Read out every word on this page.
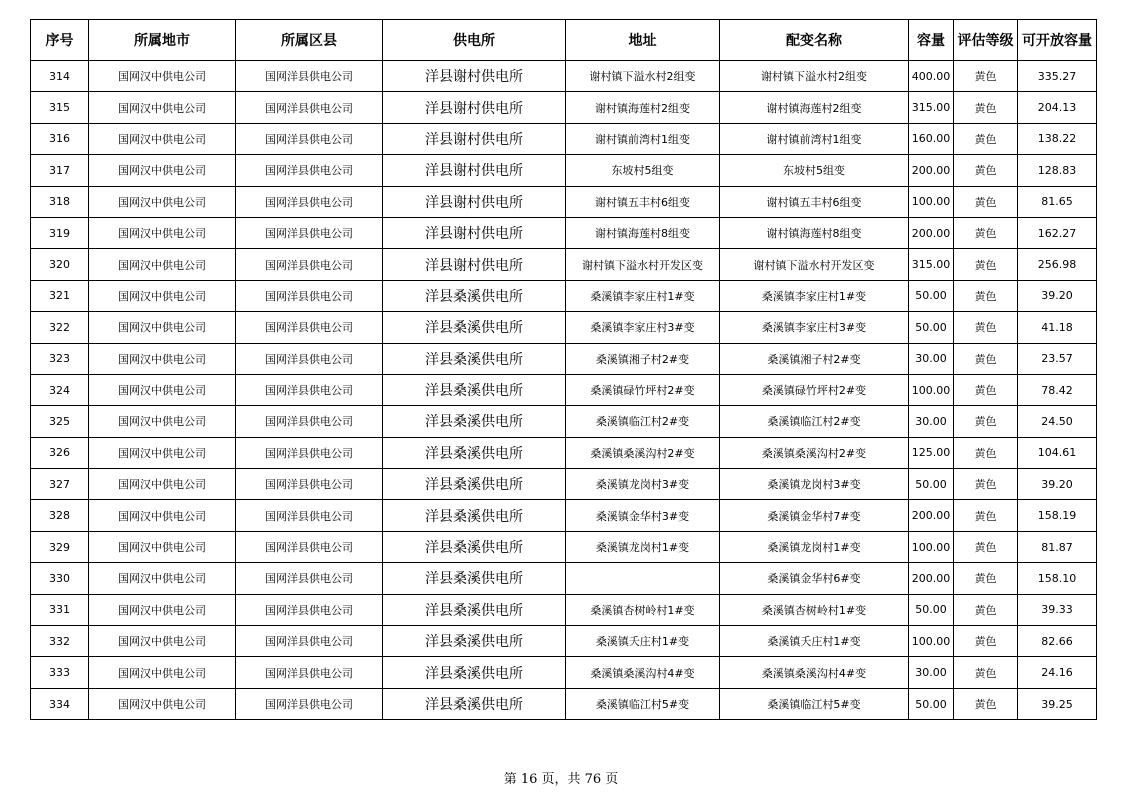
序号	所属地市	所属区县	供电所	地址	配变名称	容量	评估等级	可开放容量
314	国网汉中供电公司	国网洋县供电公司	洋县谢村供电所	谢村镇下溢水村2组变	谢村镇下溢水村2组变	400.00	黄色	335.27
315	国网汉中供电公司	国网洋县供电公司	洋县谢村供电所	谢村镇海莲村2组变	谢村镇海莲村2组变	315.00	黄色	204.13
316	国网汉中供电公司	国网洋县供电公司	洋县谢村供电所	谢村镇前湾村1组变	谢村镇前湾村1组变	160.00	黄色	138.22
317	国网汉中供电公司	国网洋县供电公司	洋县谢村供电所	东坡村5组变	东坡村5组变	200.00	黄色	128.83
318	国网汉中供电公司	国网洋县供电公司	洋县谢村供电所	谢村镇五丰村6组变	谢村镇五丰村6组变	100.00	黄色	81.65
319	国网汉中供电公司	国网洋县供电公司	洋县谢村供电所	谢村镇海莲村8组变	谢村镇海莲村8组变	200.00	黄色	162.27
320	国网汉中供电公司	国网洋县供电公司	洋县谢村供电所	谢村镇下溢水村开发区变	谢村镇下溢水村开发区变	315.00	黄色	256.98
321	国网汉中供电公司	国网洋县供电公司	洋县桑溪供电所	桑溪镇李家庄村1#变	桑溪镇李家庄村1#变	50.00	黄色	39.20
322	国网汉中供电公司	国网洋县供电公司	洋县桑溪供电所	桑溪镇李家庄村3#变	桑溪镇李家庄村3#变	50.00	黄色	41.18
323	国网汉中供电公司	国网洋县供电公司	洋县桑溪供电所	桑溪镇湘子村2#变	桑溪镇湘子村2#变	30.00	黄色	23.57
324	国网汉中供电公司	国网洋县供电公司	洋县桑溪供电所	桑溪镇碌竹坪村2#变	桑溪镇碌竹坪村2#变	100.00	黄色	78.42
325	国网汉中供电公司	国网洋县供电公司	洋县桑溪供电所	桑溪镇临江村2#变	桑溪镇临江村2#变	30.00	黄色	24.50
326	国网汉中供电公司	国网洋县供电公司	洋县桑溪供电所	桑溪镇桑溪沟村2#变	桑溪镇桑溪沟村2#变	125.00	黄色	104.61
327	国网汉中供电公司	国网洋县供电公司	洋县桑溪供电所	桑溪镇龙岗村3#变	桑溪镇龙岗村3#变	50.00	黄色	39.20
328	国网汉中供电公司	国网洋县供电公司	洋县桑溪供电所	桑溪镇金华村3#变	桑溪镇金华村7#变	200.00	黄色	158.19
329	国网汉中供电公司	国网洋县供电公司	洋县桑溪供电所	桑溪镇龙岗村1#变	桑溪镇龙岗村1#变	100.00	黄色	81.87
330	国网汉中供电公司	国网洋县供电公司	洋县桑溪供电所		桑溪镇金华村6#变	200.00	黄色	158.10
331	国网汉中供电公司	国网洋县供电公司	洋县桑溪供电所	桑溪镇杏树岭村1#变	桑溪镇杏树岭村1#变	50.00	黄色	39.33
332	国网汉中供电公司	国网洋县供电公司	洋县桑溪供电所	桑溪镇夭庄村1#变	桑溪镇夭庄村1#变	100.00	黄色	82.66
333	国网汉中供电公司	国网洋县供电公司	洋县桑溪供电所	桑溪镇桑溪沟村4#变	桑溪镇桑溪沟村4#变	30.00	黄色	24.16
334	国网汉中供电公司	国网洋县供电公司	洋县桑溪供电所	桑溪镇临江村5#变	桑溪镇临江村5#变	50.00	黄色	39.25
第 16 页，共 76 页
